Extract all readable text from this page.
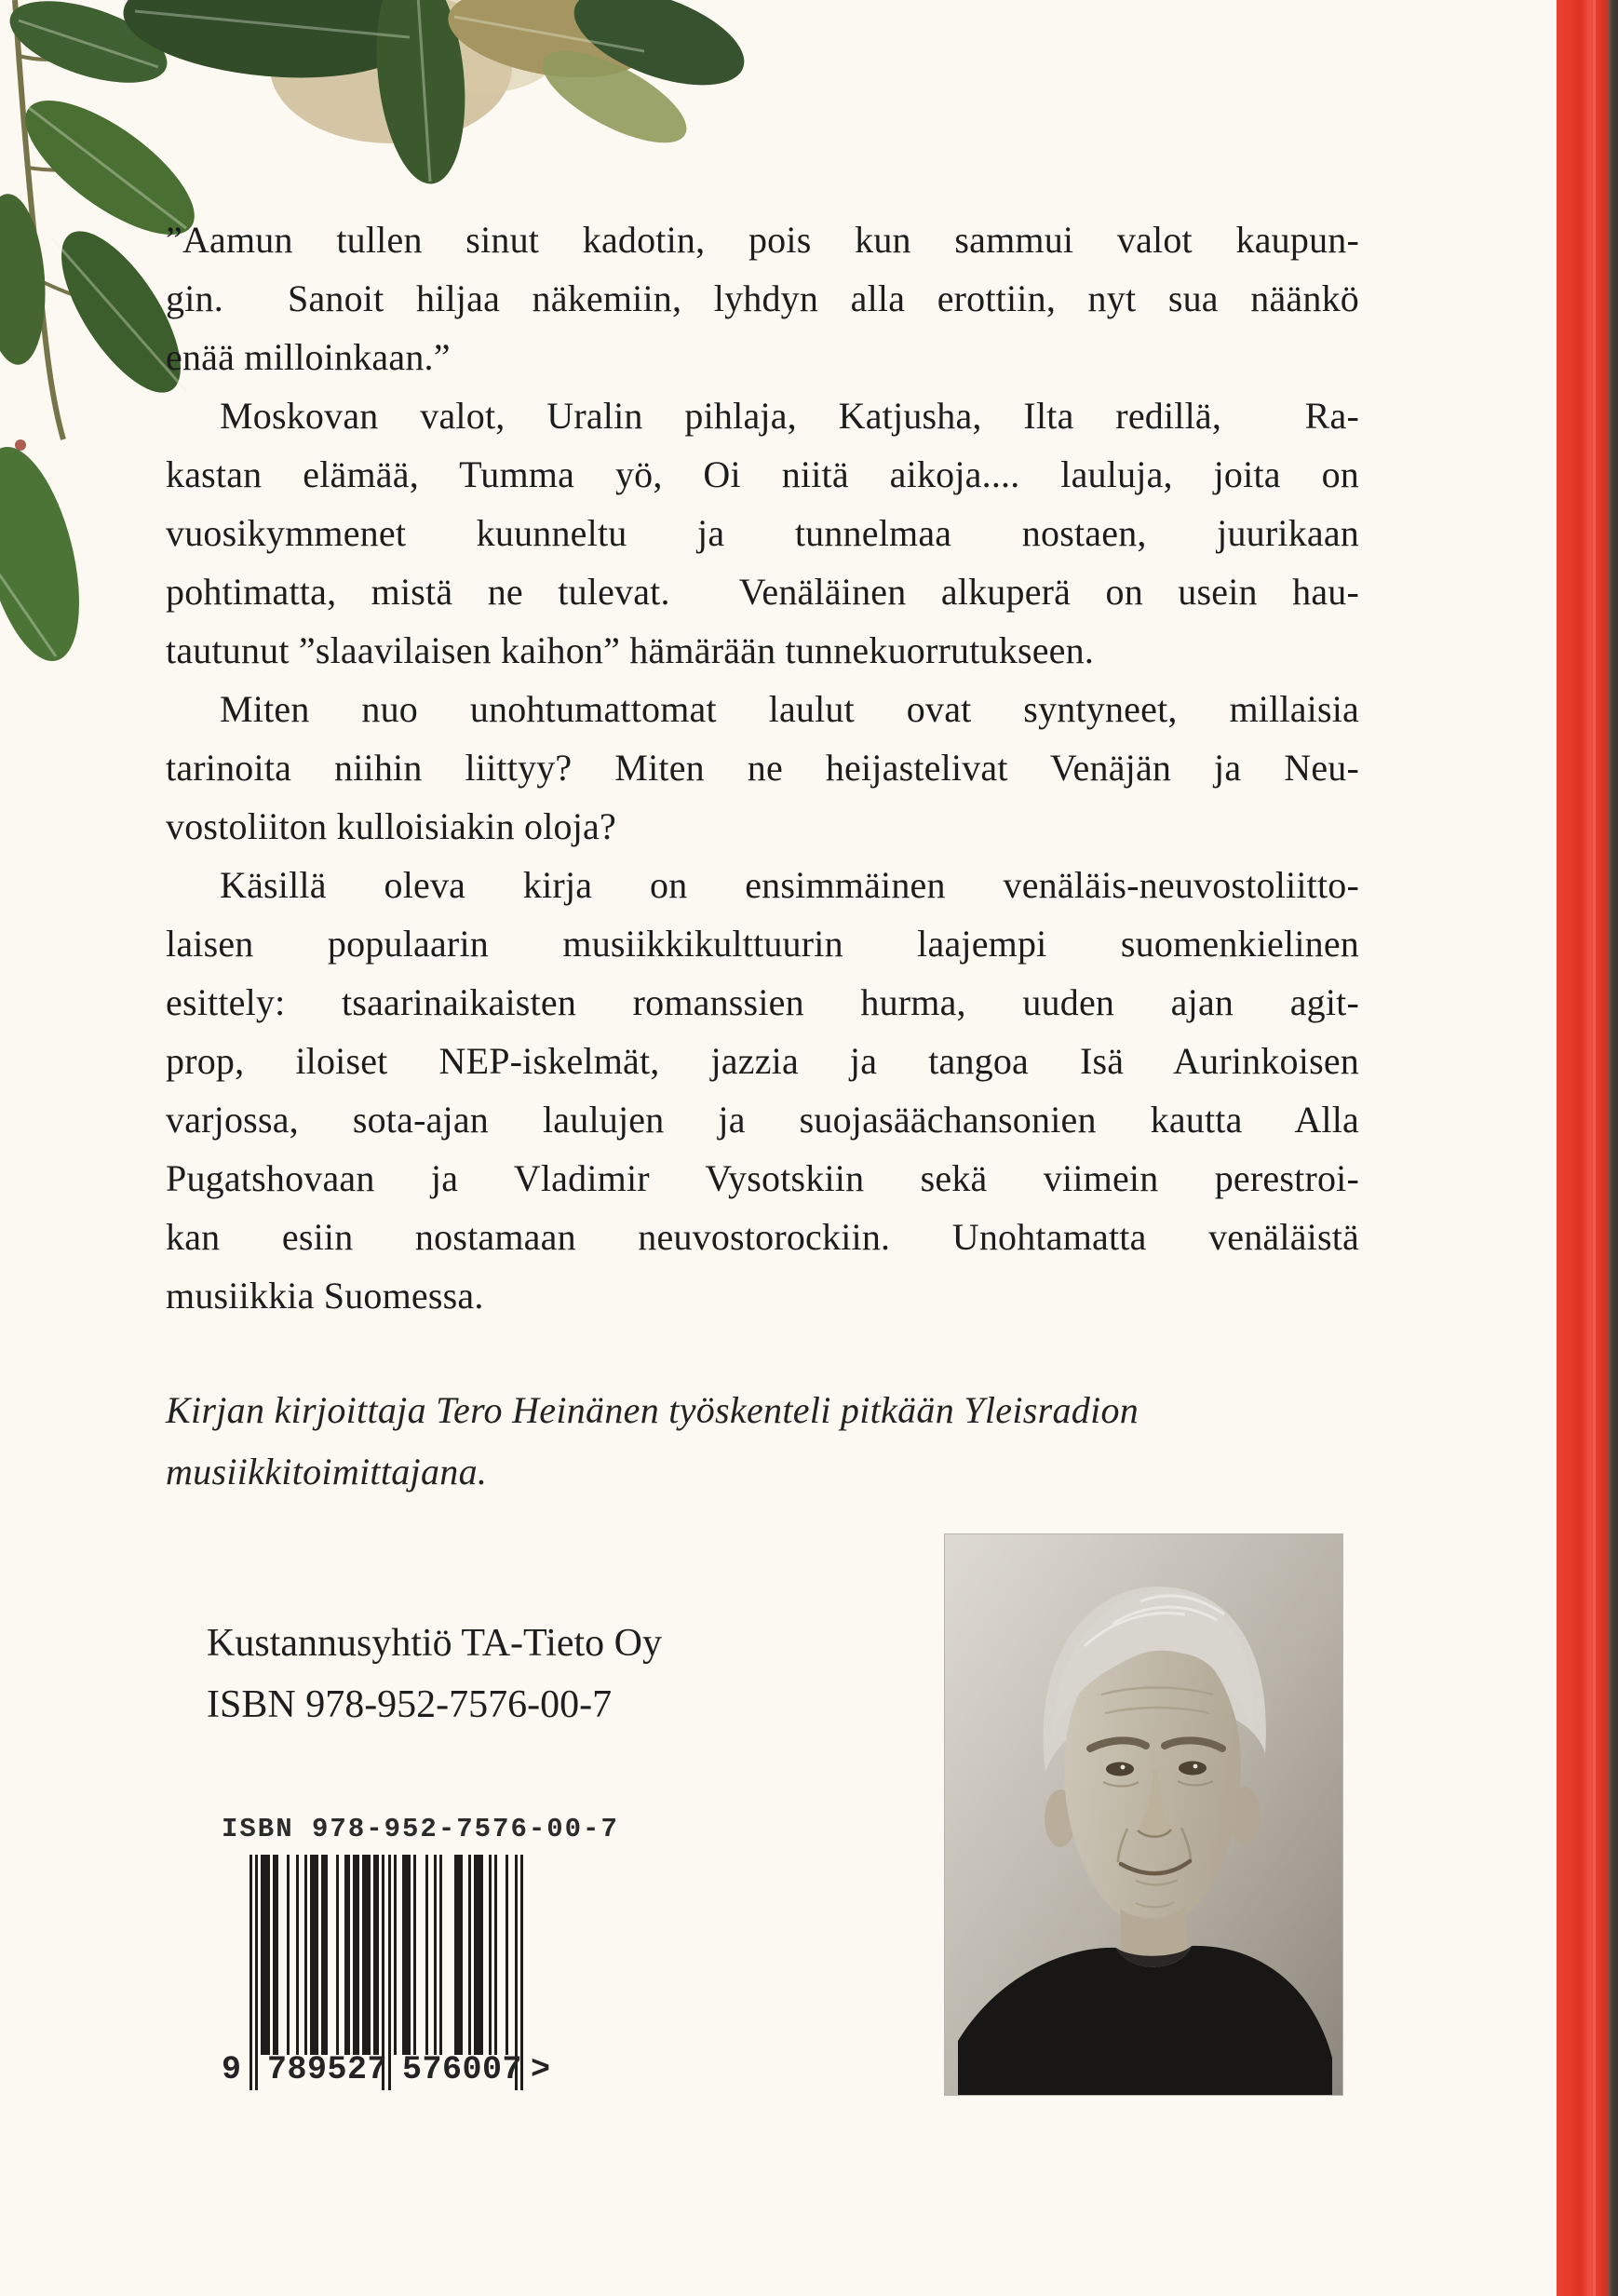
”Aamun tullen sinut kadotin, pois kun sammui valot kaupun-
gin.  Sanoit hiljaa näkemiin, lyhdyn alla erottiin, nyt sua näänkö
enää milloinkaan.”
Moskovan valot, Uralin pihlaja, Katjusha, Ilta redillä,  Ra-
kastan elämää, Tumma yö, Oi niitä aikoja.... lauluja, joita on
vuosikymmenet kuunneltu ja tunnelmaa nostaen, juurikaan
pohtimatta, mistä ne tulevat.  Venäläinen alkuperä on usein hau-
tautunut ”slaavilaisen kaihon” hämärään tunnekuorrutukseen.
Miten nuo unohtumattomat laulut ovat syntyneet, millaisia
tarinoita niihin liittyy? Miten ne heijastelivat Venäjän ja Neu-
vostoliiton kulloisiakin oloja?
Käsillä oleva kirja on ensimmäinen venäläis-neuvostoliitto-
laisen populaarin musiikkikulttuurin laajempi suomenkielinen
esittely: tsaarinaikaisten romanssien hurma, uuden ajan agit-
prop, iloiset NEP-iskelmät, jazzia ja tangoa Isä Aurinkoisen
varjossa, sota-ajan laulujen ja suojasäächansonien kautta Alla
Pugatshovaan ja Vladimir Vysotskiin sekä viimein perestroi-
kan esiin nostamaan neuvostorockiin. Unohtamatta venäläistä
musiikkia Suomessa.
Kirjan kirjoittaja Tero Heinänen työskenteli pitkään Yleisradion
musiikkitoimittajana.
Kustannusyhtiö TA-Tieto Oy
ISBN 978-952-7576-00-7
ISBN 978-952-7576-00-7
9 789527 576007 >
